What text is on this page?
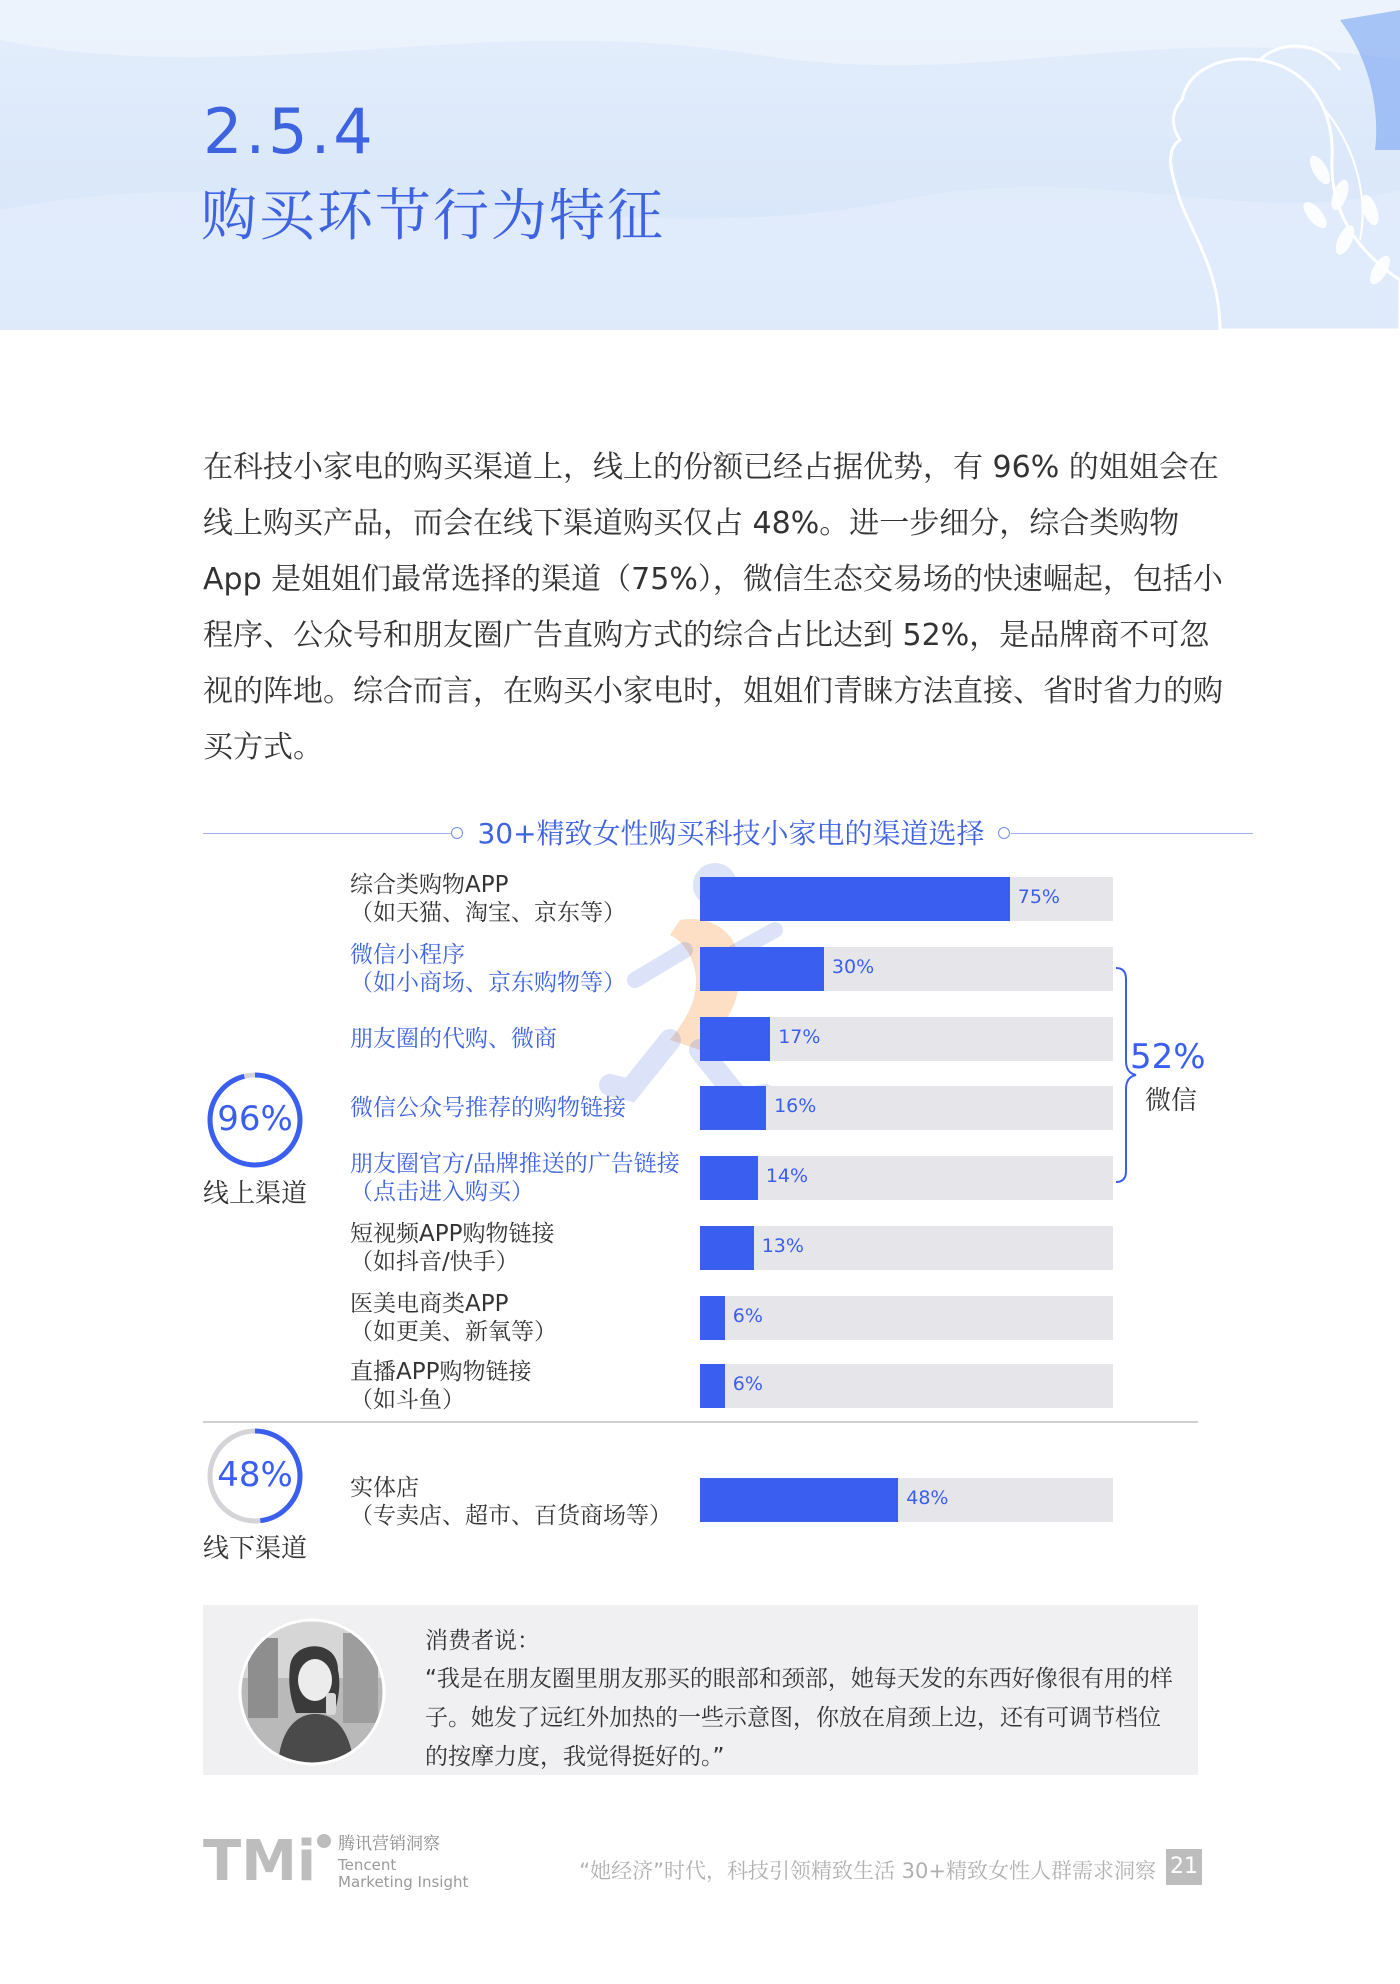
2.5.4
购买环节行为特征
在科技小家电的购买渠道上，线上的份额已经占据优势，有 96% 的姐姐会在线上购买产品，而会在线下渠道购买仅占 48%。进一步细分，综合类购物 App 是姐姐们最常选择的渠道（75%），微信生态交易场的快速崛起，包括小程序、公众号和朋友圈广告直购方式的综合占比达到 52%，是品牌商不可忽视的阵地。综合而言，在购买小家电时，姐姐们青睐方法直接、省时省力的购买方式。
30+精致女性购买科技小家电的渠道选择
综合类购物APP
（如天猫、淘宝、京东等）
75%
微信小程序
（如小商场、京东购物等）
30%
朋友圈的代购、微商	17%
微信公众号推荐的购物链接	16%
朋友圈官方/品牌推送的广告链接
（点击进入购买）
14%
短视频APP购物链接
（如抖音/快手）
13%
医美电商类APP
（如更美、新氧等）
6%
直播APP购物链接
（如斗鱼）
6%
实体店
（专卖店、超市、百货商场等）
48%
52%
微信
96%
线上渠道
48%
线下渠道
消费者说：
“我是在朋友圈里朋友那买的眼部和颈部，她每天发的东西好像很有用的样子。她发了远红外加热的一些示意图，你放在肩颈上边，还有可调节档位的按摩力度，我觉得挺好的。”
TMi 腾讯营销洞察
Tencent
Marketing Insight	“她经济”时代，科技引领精致生活 30+精致女性人群需求洞察 21
